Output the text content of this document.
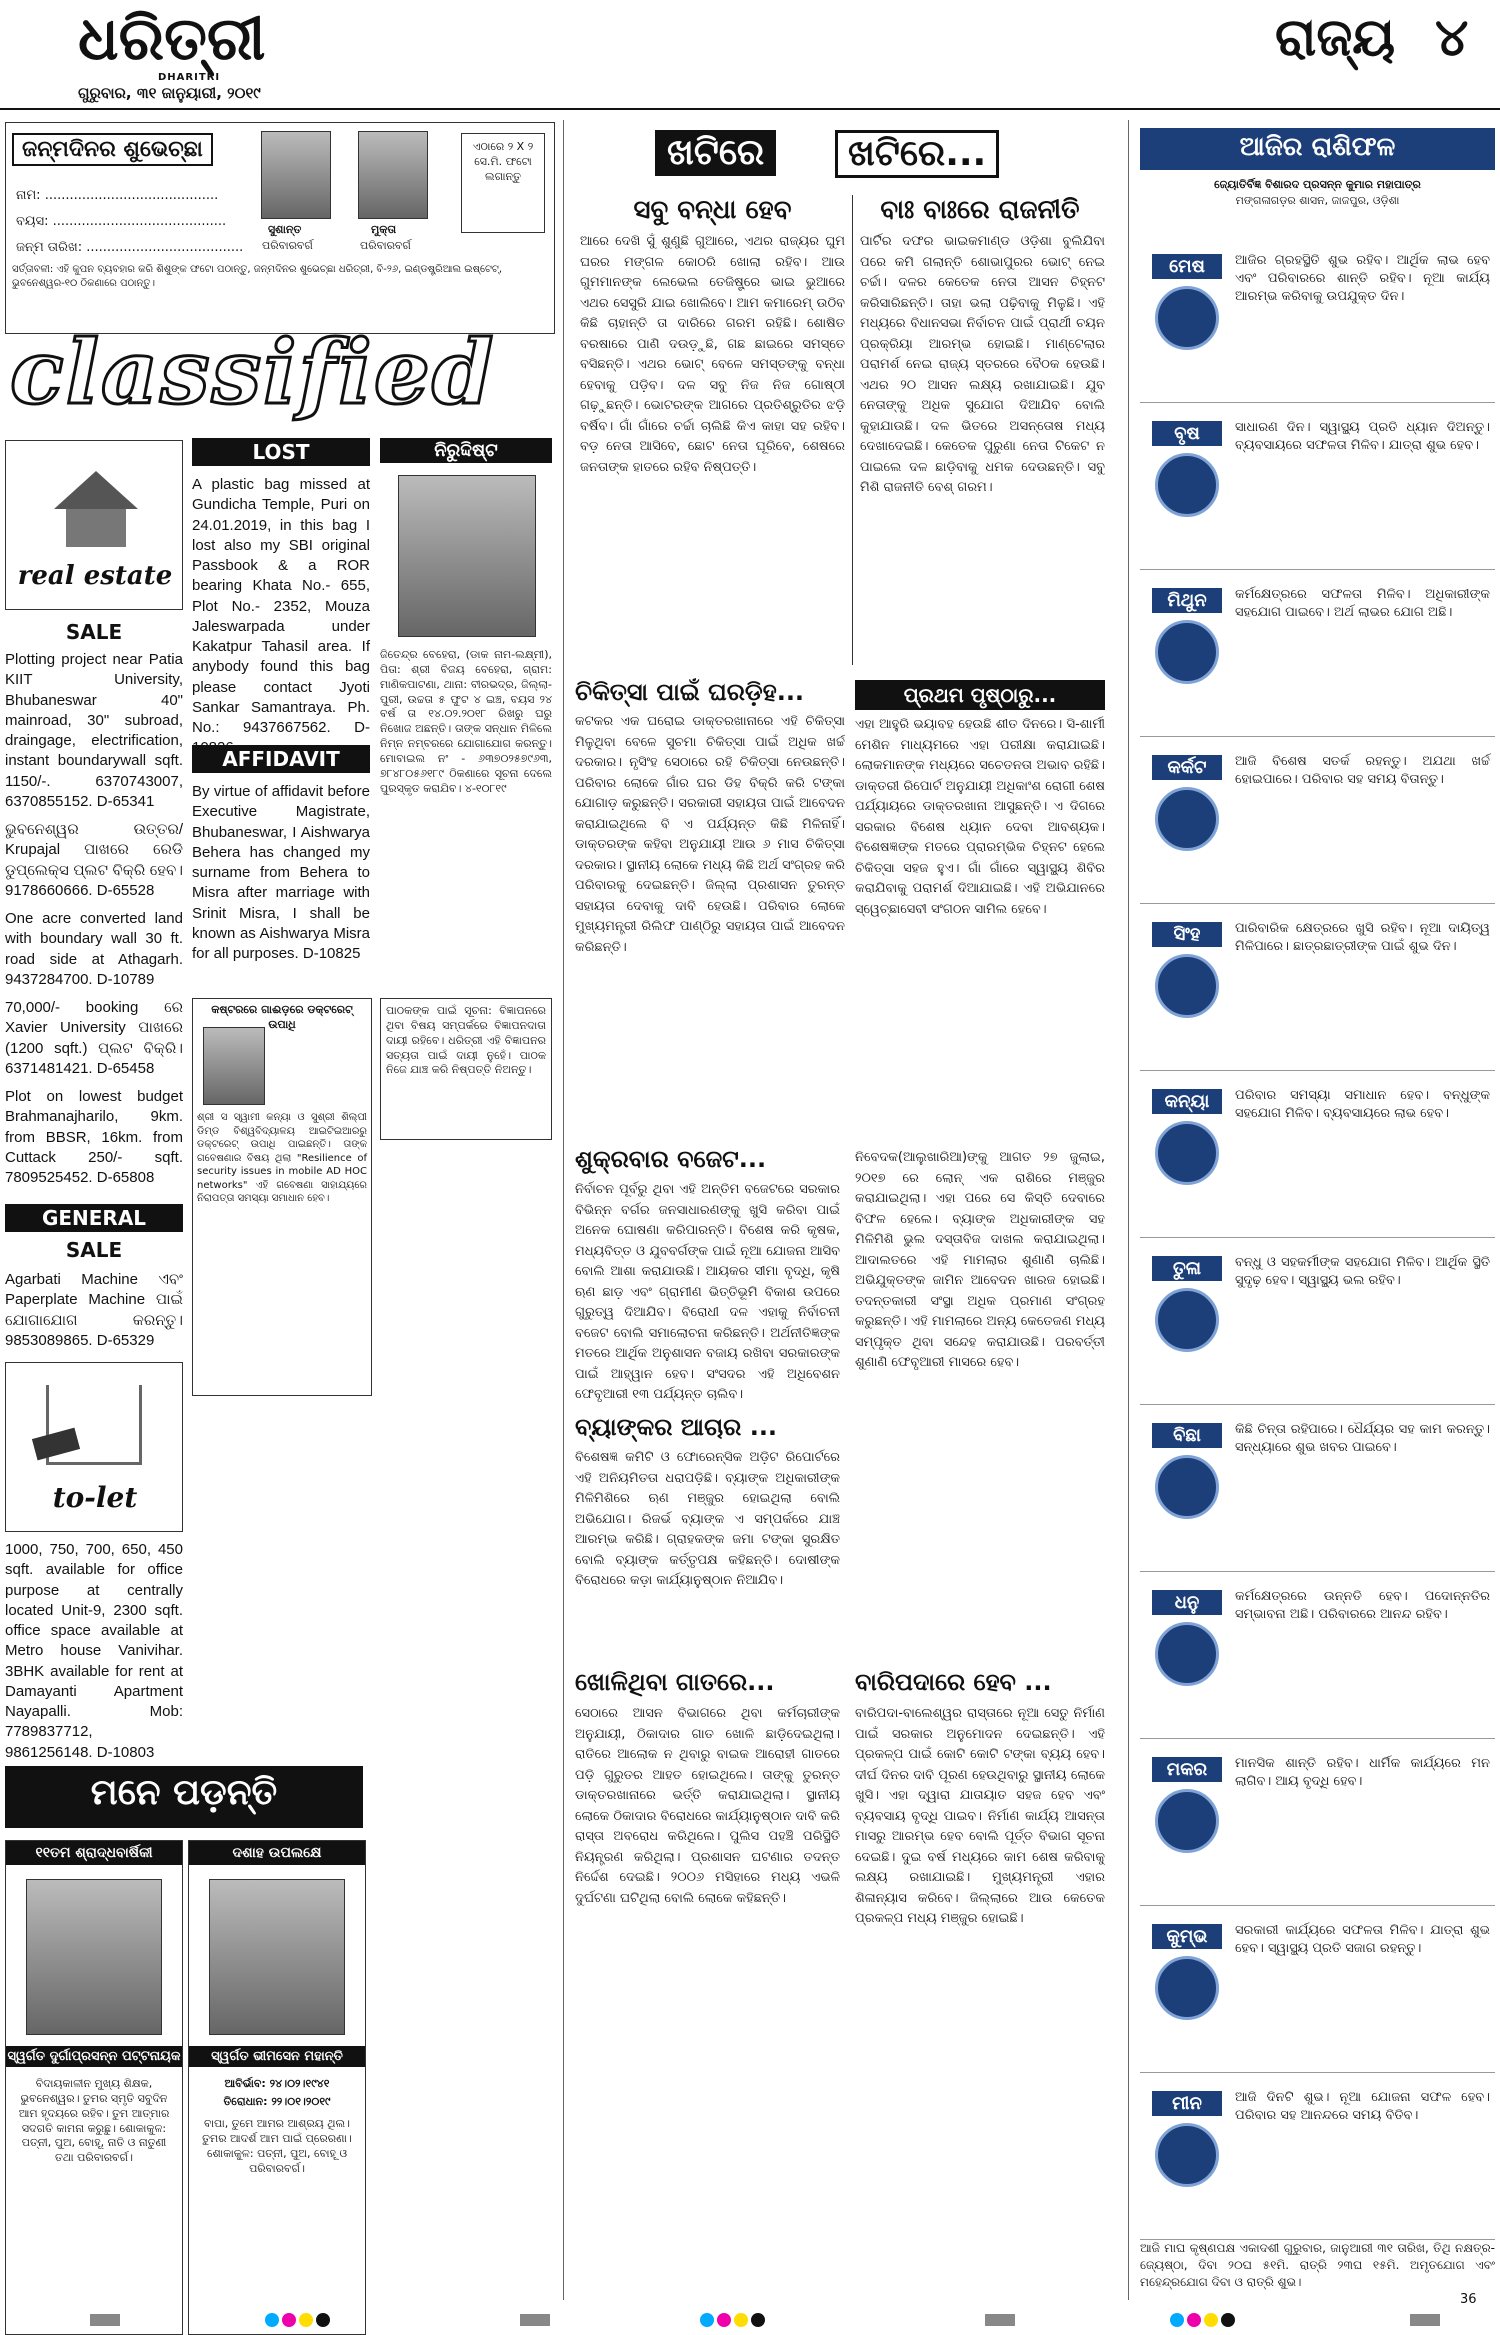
ଧରିତ୍ରୀ
DHARITRI
ଗୁରୁବାର, ୩୧ ଜାନୁୟାରୀ, ୨୦୧୯
ରାଜ୍ୟ ୪
ଜନ୍ମଦିନର ଶୁଭେଚ୍ଛା
ନାମ: ..........................................
ବୟସ: ..........................................
ଜନ୍ମ ତାରିଖ: ......................................
ସୁଶାନ୍ତ
ପରିବାରବର୍ଗ
ମୁକ୍ତା
ପରିବାରବର୍ଗ
ଏଠାରେ ୨ X ୨ ସେ.ମି. ଫଟୋ ଲଗାନ୍ତୁ
ସର୍ତ୍ତାବଳୀ: ଏହି କୁପନ ବ୍ୟବହାର କରି ଶିଶୁଙ୍କ ଫଟୋ ପଠାନ୍ତୁ, ଜନ୍ମଦିନର ଶୁଭେଚ୍ଛା ଧରିତ୍ରୀ, ବି-୨୬, ଇଣ୍ଡଷ୍ଟ୍ରିଆଲ ଇଷ୍ଟେଟ୍, ଭୁବନେଶ୍ୱର-୧୦ ଠିକଣାରେ ପଠାନ୍ତୁ।
classified
real estate
SALE
Plotting project near Patia KIIT University, Bhubaneswar 40" mainroad, 30" subroad, draingage, electrification, instant boundarywall sqft. 1150/-. 6370743007, 6370855152. D-65341
ଭୁବନେଶ୍ୱର ଉତ୍ତର/ Krupajal ପାଖରେ ରେଡି ଡୁପ୍ଲେକ୍ସ ପ୍ଲଟ ବିକ୍ରି ହେବ। 9178660666. D-65528
One acre converted land with boundary wall 30 ft. road side at Athagarh. 9437284700. D-10789
70,000/- booking ରେ Xavier University ପାଖରେ (1200 sqft.) ପ୍ଲଟ ବିକ୍ରି। 6371481421. D-65458
Plot on lowest budget Brahmanajharilo, 9km. from BBSR, 16km. from Cuttack 250/- sqft. 7809525452. D-65808
GENERAL
SALE
Agarbati Machine ଏବଂ Paperplate Machine ପାଇଁ ଯୋଗାଯୋଗ କରନ୍ତୁ। 9853089865. D-65329
to-let
1000, 750, 700, 650, 450 sqft. available for office purpose at centrally located Unit-9, 2300 sqft. office space available at Metro house Vanivihar. 3BHK available for rent at Damayanti Apartment Nayapalli. Mob: 7789837712, 9861256148. D-10803
LOST
A plastic bag missed at Gundicha Temple, Puri on 24.01.2019, in this bag I lost also my SBI original Passbook & a ROR bearing Khata No.- 655, Plot No.- 2352, Mouza Jaleswarpada under Kakatpur Tahasil area. If anybody found this bag please contact Jyoti Sankar Samantraya. Ph. No.: 9437667562. D-
AFFIDAVIT
By virtue of affidavit before Executive Magistrate, Bhubaneswar, I Aishwarya Behera has changed my surname from Behera to Misra after marriage with Srinit Misra, I shall be known as Aishwarya Misra for all purposes. D-10825
ନିରୁଦ୍ଦିଷ୍ଟ
ଜିତେନ୍ଦ୍ର ବେହେରା, (ଡାକ ନାମ-ଲକ୍ଷ୍ମୀ), ପିତା: ଶ୍ରୀ ବିଜୟ ବେହେରା, ଗ୍ରାମ: ମାଣିକପାଟଣା, ଥାନା: ବୀରଭଦ୍ର, ଜିଲ୍ଲା-ପୁରୀ, ଉଚ୍ଚତା ୫ ଫୁଟ ୪ ଇଞ୍ଚ, ବୟସ ୨୪ ବର୍ଷ ତା ୧୪.୦୨.୨୦୧୮ ରିଖରୁ ଘରୁ ନିଖୋଜ ଅଛନ୍ତି। ତାଙ୍କ ସନ୍ଧାନ ମିଳିଲେ ନିମ୍ନ ନମ୍ବରରେ ଯୋଗାଯୋଗ କରନ୍ତୁ। ମୋବାଇଲ ନଂ - ୬୩୭୦୨୫୭୯୬୩, ୭୮୪୮୦୫୬୧୮୯ ଠିକଣାରେ ସୂଚନା ଦେଲେ ପୁରସ୍କୃତ କରାଯିବ। ୪-୧୦୮୧୯
କଷ୍ଟରରେ ଗାଈଡ଼ରେ ଡକ୍ଟରେଟ୍ ଉପାଧି
ଶ୍ରୀ ସ ସ୍ୱାମୀ କନ୍ୟା ଓ ସୁଶ୍ରୀ ଶିଲ୍ପୀ ଡିମ୍ଡ ବିଶ୍ୱବିଦ୍ୟାଳୟ ଆଇଟିଇଆରରୁ ଡକ୍ଟରେଟ୍ ଉପାଧି ପାଇଛନ୍ତି। ତାଙ୍କ ଗବେଷଣାର ବିଷୟ ଥିଲା "Resilience of security issues in mobile AD HOC networks" ଏହି ଗବେଷଣା ସାହାଯ୍ୟରେ ନିରାପତ୍ତା ସମସ୍ୟା ସମାଧାନ ହେବ।
ପାଠକଙ୍କ ପାଇଁ ସୂଚନା: ବିଜ୍ଞାପନରେ ଥିବା ବିଷୟ ସମ୍ପର୍କରେ ବିଜ୍ଞାପନଦାତା ଦାୟୀ ରହିବେ। ଧରିତ୍ରୀ ଏହି ବିଜ୍ଞାପନର ସତ୍ୟତା ପାଇଁ ଦାୟୀ ନୁହେଁ। ପାଠକ ନିଜେ ଯାଞ୍ଚ କରି ନିଷ୍ପତ୍ତି ନିଅନ୍ତୁ।
ମନେ ପଡ଼ନ୍ତି
୧୧ତମ ଶ୍ରାଦ୍ଧବାର୍ଷିକୀ
ସ୍ୱର୍ଗତ ଦୁର୍ଗାପ୍ରସନ୍ନ ପଟ୍ଟନାୟକ
ବିଦାୟକାଳୀନ ମୁଖ୍ୟ ଶିକ୍ଷକ, ଭୁବନେଶ୍ୱର। ତୁମର ସ୍ମୃତି ସବୁଦିନ ଆମ ହୃଦୟରେ ରହିବ। ତୁମ ଆତ୍ମାର ସଦଗତି କାମନା କରୁଛୁ। ଶୋକାକୁଳ: ପତ୍ନୀ, ପୁଅ, ବୋହୂ, ନାତି ଓ ନାତୁଣୀ ତଥା ପରିବାରବର୍ଗ।
ଦଶାହ ଉପଲକ୍ଷେ
ସ୍ୱର୍ଗତ ଭୀମସେନ ମହାନ୍ତି
ଆବିର୍ଭାବ: ୨୪।୦୨।୧୯୪୧
ତିରୋଧାନ: ୨୨।୦୧।୨୦୧୯
ବାପା, ତୁମେ ଆମର ଆଶ୍ରୟ ଥିଲ। ତୁମର ଆଦର୍ଶ ଆମ ପାଇଁ ପ୍ରେରଣା। ଶୋକାକୁଳ: ପତ୍ନୀ, ପୁଅ, ବୋହୂ ଓ ପରିବାରବର୍ଗ।
ଖଟିରେ	ଖଟିରେ...
ସବୁ ବନ୍ଧା ହେବ
ଆରେ ଦେଖି ସୁଁ ଶୁଣୁଛି ଗୁଆରେ, ଏଥର ରାଜ୍ୟର ଘୁମ ଘରର ମଙ୍ଗଳ କୋଠରି ଖୋଲା ରହିବ। ଆଉ ଗୁମମାନଙ୍କ ଲେଭେଲ ତେଜିଷ୍ଟ୍ରେ ଭାଇ ଭୁଆରେ ଏଥର ସେସୁରି ଯାଇ ଖୋଲିବେ। ଆମ କମାରେମ୍ ଉଠିବ କିଛି ଚାହାନ୍ତି ତା ଦାରିରେ ଗରମ ରହିଛି। ଶୋଷିତ ବରଷାରେ ପାଣି ଦଉଡ଼ୁଛି, ଗଛ ଛାଇରେ ସମସ୍ତେ ବସିଛନ୍ତି। ଏଥର ଭୋଟ୍ ବେଳେ ସମସ୍ତଙ୍କୁ ବନ୍ଧା ହେବାକୁ ପଡ଼ିବ। ଦଳ ସବୁ ନିଜ ନିଜ ଗୋଷ୍ଠୀ ଗଢ଼ୁଛନ୍ତି। ଭୋଟରଙ୍କ ଆଗରେ ପ୍ରତିଶ୍ରୁତିର ଝଡ଼ି ବର୍ଷିବ। ଗାଁ ଗାଁରେ ଚର୍ଚ୍ଚା ଚାଲିଛି କିଏ କାହା ସହ ରହିବ। ବଡ଼ ନେତା ଆସିବେ, ଛୋଟ ନେତା ଘୂରିବେ, ଶେଷରେ ଜନତାଙ୍କ ହାତରେ ରହିବ ନିଷ୍ପତ୍ତି।
ବାଃ ବାଃରେ ରାଜନୀତି
ପାର୍ଟିର ଦଫର ଭାଇକମାଣ୍ଡ ଓଡ଼ିଶା ବୁଲିଯିବା ପରେ କମି ଗଲାନ୍ତି ଶୋଭାପୁରର ଭୋଟ୍ ନେଇ ଚର୍ଚ୍ଚା। ଦଳର କେତେକ ନେତା ଆସନ ଚିହ୍ନଟ କରିସାରିଛନ୍ତି। ତାହା ଭଲା ପଢ଼ିବାକୁ ମିଳୁଛି। ଏହି ମଧ୍ୟରେ ବିଧାନସଭା ନିର୍ବାଚନ ପାଇଁ ପ୍ରାର୍ଥୀ ଚୟନ ପ୍ରକ୍ରିୟା ଆରମ୍ଭ ହୋଇଛି। ମାଣ୍ଟେଲାର ପରାମର୍ଶ ନେଇ ରାଜ୍ୟ ସ୍ତରରେ ବୈଠକ ହେଉଛି। ଏଥର ୨୦ ଆସନ ଲକ୍ଷ୍ୟ ରଖାଯାଇଛି। ଯୁବ ନେତାଙ୍କୁ ଅଧିକ ସୁଯୋଗ ଦିଆଯିବ ବୋଲି କୁହାଯାଉଛି। ଦଳ ଭିତରେ ଅସନ୍ତୋଷ ମଧ୍ୟ ଦେଖାଦେଇଛି। କେତେକ ପୁରୁଣା ନେତା ଟିକେଟ ନ ପାଇଲେ ଦଳ ଛାଡ଼ିବାକୁ ଧମକ ଦେଉଛନ୍ତି। ସବୁ ମିଶି ରାଜନୀତି ବେଶ୍ ଗରମ।
ଚିକିତ୍ସା ପାଇଁ ଘରଡ଼ିହ...
କଟକର ଏକ ଘରୋଇ ଡାକ୍ତରଖାନାରେ ଏହି ଚିକିତ୍ସା ମିଳୁଥିବା ବେଳେ ସୁଚମା ଚିକିତ୍ସା ପାଇଁ ଅଧିକ ଖର୍ଚ୍ଚ ଦରକାର। ନୃସିଂହ ସେଠାରେ ରହି ଚିକିତ୍ସା ନେଉଛନ୍ତି। ପରିବାର ଲୋକେ ଗାଁର ଘର ଡିହ ବିକ୍ରି କରି ଟଙ୍କା ଯୋଗାଡ଼ କରୁଛନ୍ତି। ସରକାରୀ ସହାୟତା ପାଇଁ ଆବେଦନ କରାଯାଇଥିଲେ ବି ଏ ପର୍ଯ୍ୟନ୍ତ କିଛି ମିଳିନାହିଁ। ଡାକ୍ତରଙ୍କ କହିବା ଅନୁଯାୟୀ ଆଉ ୬ ମାସ ଚିକିତ୍ସା ଦରକାର। ସ୍ଥାନୀୟ ଲୋକେ ମଧ୍ୟ କିଛି ଅର୍ଥ ସଂଗ୍ରହ କରି ପରିବାରକୁ ଦେଇଛନ୍ତି। ଜିଲ୍ଲା ପ୍ରଶାସନ ତୁରନ୍ତ ସହାୟତା ଦେବାକୁ ଦାବି ହେଉଛି। ପରିବାର ଲୋକେ ମୁଖ୍ୟମନ୍ତ୍ରୀ ରିଲିଫ ପାଣ୍ଠିରୁ ସହାୟତା ପାଇଁ ଆବେଦନ କରିଛନ୍ତି।
ପ୍ରଥମ ପୃଷ୍ଠାରୁ...
ଏହା ଆହୁରି ଭୟାବହ ହେଉଛି ଶୀତ ଦିନରେ। ସି-ଶାର୍ମୀ ମେଶିନ ମାଧ୍ୟମରେ ଏହା ପରୀକ୍ଷା କରାଯାଇଛି। ଲୋକମାନଙ୍କ ମଧ୍ୟରେ ସଚେତନତା ଅଭାବ ରହିଛି। ଡାକ୍ତରୀ ରିପୋର୍ଟ ଅନୁଯାୟୀ ଅଧିକାଂଶ ରୋଗୀ ଶେଷ ପର୍ଯ୍ୟାୟରେ ଡାକ୍ତରଖାନା ଆସୁଛନ୍ତି। ଏ ଦିଗରେ ସରକାର ବିଶେଷ ଧ୍ୟାନ ଦେବା ଆବଶ୍ୟକ। ବିଶେଷଜ୍ଞଙ୍କ ମତରେ ପ୍ରାରମ୍ଭିକ ଚିହ୍ନଟ ହେଲେ ଚିକିତ୍ସା ସହଜ ହୁଏ। ଗାଁ ଗାଁରେ ସ୍ୱାସ୍ଥ୍ୟ ଶିବିର କରାଯିବାକୁ ପରାମର୍ଶ ଦିଆଯାଇଛି। ଏହି ଅଭିଯାନରେ ସ୍ୱେଚ୍ଛାସେବୀ ସଂଗଠନ ସାମିଲ ହେବେ।
ଶୁକ୍ରବାର ବଜେଟ...
ନିର୍ବାଚନ ପୂର୍ବରୁ ଥିବା ଏହି ଅନ୍ତିମ ବଜେଟରେ ସରକାର ବିଭିନ୍ନ ବର୍ଗର ଜନସାଧାରଣଙ୍କୁ ଖୁସି କରିବା ପାଇଁ ଅନେକ ଘୋଷଣା କରିପାରନ୍ତି। ବିଶେଷ କରି କୃଷକ, ମଧ୍ୟବିତ୍ତ ଓ ଯୁବବର୍ଗଙ୍କ ପାଇଁ ନୂଆ ଯୋଜନା ଆସିବ ବୋଲି ଆଶା କରାଯାଉଛି। ଆୟକର ସୀମା ବୃଦ୍ଧି, କୃଷି ଋଣ ଛାଡ଼ ଏବଂ ଗ୍ରାମୀଣ ଭିତ୍ତିଭୂମି ବିକାଶ ଉପରେ ଗୁରୁତ୍ୱ ଦିଆଯିବ। ବିରୋଧୀ ଦଳ ଏହାକୁ ନିର୍ବାଚନୀ ବଜେଟ ବୋଲି ସମାଲୋଚନା କରିଛନ୍ତି। ଅର୍ଥନୀତିଜ୍ଞଙ୍କ ମତରେ ଆର୍ଥିକ ଅନୁଶାସନ ବଜାୟ ରଖିବା ସରକାରଙ୍କ ପାଇଁ ଆହ୍ୱାନ ହେବ। ସଂସଦର ଏହି ଅଧିବେଶନ ଫେବୃଆରୀ ୧୩ ପର୍ଯ୍ୟନ୍ତ ଚାଲିବ।
ବ୍ୟାଙ୍କର ଆଚାର ...
ବିଶେଷଜ୍ଞ କମିଟି ଓ ଫୋରେନ୍ସିକ ଅଡ଼ିଟ ରିପୋର୍ଟରେ ଏହି ଅନିୟମିତତା ଧରାପଡ଼ିଛି। ବ୍ୟାଙ୍କ ଅଧିକାରୀଙ୍କ ମିଳିମିଶିରେ ଋଣ ମଞ୍ଜୁର ହୋଇଥିଲା ବୋଲି ଅଭିଯୋଗ। ରିଜର୍ଭ ବ୍ୟାଙ୍କ ଏ ସମ୍ପର୍କରେ ଯାଞ୍ଚ ଆରମ୍ଭ କରିଛି। ଗ୍ରାହକଙ୍କ ଜମା ଟଙ୍କା ସୁରକ୍ଷିତ ବୋଲି ବ୍ୟାଙ୍କ କର୍ତ୍ତୃପକ୍ଷ କହିଛନ୍ତି। ଦୋଷୀଙ୍କ ବିରୋଧରେ କଡ଼ା କାର୍ଯ୍ୟାନୁଷ୍ଠାନ ନିଆଯିବ।
ଖୋଳିଥିବା ଗାତରେ...
ସେଠାରେ ଆସନ ବିଭାଗରେ ଥିବା କର୍ମଚାରୀଙ୍କ ଅନୁଯାୟୀ, ଠିକାଦାର ଗାତ ଖୋଳି ଛାଡ଼ିଦେଇଥିଲା। ରାତିରେ ଆଲୋକ ନ ଥିବାରୁ ବାଇକ ଆରୋହୀ ଗାତରେ ପଡ଼ି ଗୁରୁତର ଆହତ ହୋଇଥିଲେ। ତାଙ୍କୁ ତୁରନ୍ତ ଡାକ୍ତରଖାନାରେ ଭର୍ତ୍ତି କରାଯାଇଥିଲା। ସ୍ଥାନୀୟ ଲୋକେ ଠିକାଦାର ବିରୋଧରେ କାର୍ଯ୍ୟାନୁଷ୍ଠାନ ଦାବି କରି ରାସ୍ତା ଅବରୋଧ କରିଥିଲେ। ପୁଲିସ ପହଞ୍ଚି ପରିସ୍ଥିତି ନିୟନ୍ତ୍ରଣ କରିଥିଲା। ପ୍ରଶାସନ ଘଟଣାର ତଦନ୍ତ ନିର୍ଦ୍ଦେଶ ଦେଇଛି। ୨୦୦୬ ମସିହାରେ ମଧ୍ୟ ଏଭଳି ଦୁର୍ଘଟଣା ଘଟିଥିଲା ବୋଲି ଲୋକେ କହିଛନ୍ତି।
ନିବେଦକ(ଆଲୁଖାରିଆ)ଙ୍କୁ ଆଗତ ୨୭ ଜୁଲାଇ, ୨୦୧୭ ରେ ଲୋନ୍ ଏକ ରାଶିରେ ମଞ୍ଜୁର କରାଯାଇଥିଲା। ଏହା ପରେ ସେ କିସ୍ତି ଦେବାରେ ବିଫଳ ହେଲେ। ବ୍ୟାଙ୍କ ଅଧିକାରୀଙ୍କ ସହ ମିଳିମିଶି ଭୁଲ ଦସ୍ତାବିଜ ଦାଖଲ କରାଯାଇଥିଲା। ଆଦାଲତରେ ଏହି ମାମଲାର ଶୁଣାଣି ଚାଲିଛି। ଅଭିଯୁକ୍ତଙ୍କ ଜାମିନ ଆବେଦନ ଖାରଜ ହୋଇଛି। ତଦନ୍ତକାରୀ ସଂସ୍ଥା ଅଧିକ ପ୍ରମାଣ ସଂଗ୍ରହ କରୁଛନ୍ତି। ଏହି ମାମଲାରେ ଅନ୍ୟ କେତେଜଣ ମଧ୍ୟ ସମ୍ପୃକ୍ତ ଥିବା ସନ୍ଦେହ କରାଯାଉଛି। ପରବର୍ତ୍ତୀ ଶୁଣାଣି ଫେବୃଆରୀ ମାସରେ ହେବ।
ବାରିପଦାରେ ହେବ ...
ବାରିପଦା-ବାଲେଶ୍ୱର ରାସ୍ତାରେ ନୂଆ ସେତୁ ନିର୍ମାଣ ପାଇଁ ସରକାର ଅନୁମୋଦନ ଦେଇଛନ୍ତି। ଏହି ପ୍ରକଳ୍ପ ପାଇଁ କୋଟି କୋଟି ଟଙ୍କା ବ୍ୟୟ ହେବ। ଦୀର୍ଘ ଦିନର ଦାବି ପୂରଣ ହେଉଥିବାରୁ ସ୍ଥାନୀୟ ଲୋକେ ଖୁସି। ଏହା ଦ୍ୱାରା ଯାତାୟାତ ସହଜ ହେବ ଏବଂ ବ୍ୟବସାୟ ବୃଦ୍ଧି ପାଇବ। ନିର୍ମାଣ କାର୍ଯ୍ୟ ଆସନ୍ତା ମାସରୁ ଆରମ୍ଭ ହେବ ବୋଲି ପୂର୍ତ୍ତ ବିଭାଗ ସୂଚନା ଦେଇଛି। ଦୁଇ ବର୍ଷ ମଧ୍ୟରେ କାମ ଶେଷ କରିବାକୁ ଲକ୍ଷ୍ୟ ରଖାଯାଇଛି। ମୁଖ୍ୟମନ୍ତ୍ରୀ ଏହାର ଶିଳାନ୍ୟାସ କରିବେ। ଜିଲ୍ଲାରେ ଆଉ କେତେକ ପ୍ରକଳ୍ପ ମଧ୍ୟ ମଞ୍ଜୁର ହୋଇଛି।
ଆଜିର ରାଶିଫଳ
ଜ୍ୟୋତିର୍ବିଜ୍ଞ ବିଶାରଦ ପ୍ରସନ୍ନ କୁମାର ମହାପାତ୍ର
ମଙ୍ଗଳାଗଡ଼ର ଶାସନ, ଜାଜପୁର, ଓଡ଼ିଶା
ମେଷ	ଆଜିର ଗ୍ରହସ୍ଥିତି ଶୁଭ ରହିବ। ଆର୍ଥିକ ଲାଭ ହେବ ଏବଂ ପରିବାରରେ ଶାନ୍ତି ରହିବ। ନୂଆ କାର୍ଯ୍ୟ ଆରମ୍ଭ କରିବାକୁ ଉପଯୁକ୍ତ ଦିନ।
ବୃଷ	ସାଧାରଣ ଦିନ। ସ୍ୱାସ୍ଥ୍ୟ ପ୍ରତି ଧ୍ୟାନ ଦିଅନ୍ତୁ। ବ୍ୟବସାୟରେ ସଫଳତା ମିଳିବ। ଯାତ୍ରା ଶୁଭ ହେବ।
ମିଥୁନ	କର୍ମକ୍ଷେତ୍ରରେ ସଫଳତା ମିଳିବ। ଅଧିକାରୀଙ୍କ ସହଯୋଗ ପାଇବେ। ଅର୍ଥ ଲାଭର ଯୋଗ ଅଛି।
କର୍କଟ	ଆଜି ବିଶେଷ ସତର୍କ ରହନ୍ତୁ। ଅଯଥା ଖର୍ଚ୍ଚ ହୋଇପାରେ। ପରିବାର ସହ ସମୟ ବିତାନ୍ତୁ।
ସିଂହ	ପାରିବାରିକ କ୍ଷେତ୍ରରେ ଖୁସି ରହିବ। ନୂଆ ଦାୟିତ୍ୱ ମିଳିପାରେ। ଛାତ୍ରଛାତ୍ରୀଙ୍କ ପାଇଁ ଶୁଭ ଦିନ।
କନ୍ୟା	ପରିବାର ସମସ୍ୟା ସମାଧାନ ହେବ। ବନ୍ଧୁଙ୍କ ସହଯୋଗ ମିଳିବ। ବ୍ୟବସାୟରେ ଲାଭ ହେବ।
ତୁଳା	ବନ୍ଧୁ ଓ ସହକର୍ମୀଙ୍କ ସହଯୋଗ ମିଳିବ। ଆର୍ଥିକ ସ୍ଥିତି ସୁଦୃଢ଼ ହେବ। ସ୍ୱାସ୍ଥ୍ୟ ଭଲ ରହିବ।
ବିଛା	କିଛି ଚିନ୍ତା ରହିପାରେ। ଧୈର୍ଯ୍ୟର ସହ କାମ କରନ୍ତୁ। ସନ୍ଧ୍ୟାରେ ଶୁଭ ଖବର ପାଇବେ।
ଧନୁ	କର୍ମକ୍ଷେତ୍ରରେ ଉନ୍ନତି ହେବ। ପଦୋନ୍ନତିର ସମ୍ଭାବନା ଅଛି। ପରିବାରରେ ଆନନ୍ଦ ରହିବ।
ମକର	ମାନସିକ ଶାନ୍ତି ରହିବ। ଧାର୍ମିକ କାର୍ଯ୍ୟରେ ମନ ଲାଗିବ। ଆୟ ବୃଦ୍ଧି ହେବ।
କୁମ୍ଭ	ସରକାରୀ କାର୍ଯ୍ୟରେ ସଫଳତା ମିଳିବ। ଯାତ୍ରା ଶୁଭ ହେବ। ସ୍ୱାସ୍ଥ୍ୟ ପ୍ରତି ସଜାଗ ରହନ୍ତୁ।
ମୀନ	ଆଜି ଦିନଟି ଶୁଭ। ନୂଆ ଯୋଜନା ସଫଳ ହେବ। ପରିବାର ସହ ଆନନ୍ଦରେ ସମୟ ବିତିବ।
ଆଜି ମାଘ କୃଷ୍ଣପକ୍ଷ ଏକାଦଶୀ ଗୁରୁବାର, ଜାନୁଆରୀ ୩୧ ତାରିଖ, ତିଥି ନକ୍ଷତ୍ର-ଜ୍ୟେଷ୍ଠା, ଦିବା ୨୦ଘ ୫୧ମି. ରାତ୍ରି ୨୩ଘ ୧୫ମି. ଅମୃତଯୋଗ ଏବଂ ମହେନ୍ଦ୍ରଯୋଗ ଦିବା ଓ ରାତ୍ରି ଶୁଭ।
36
